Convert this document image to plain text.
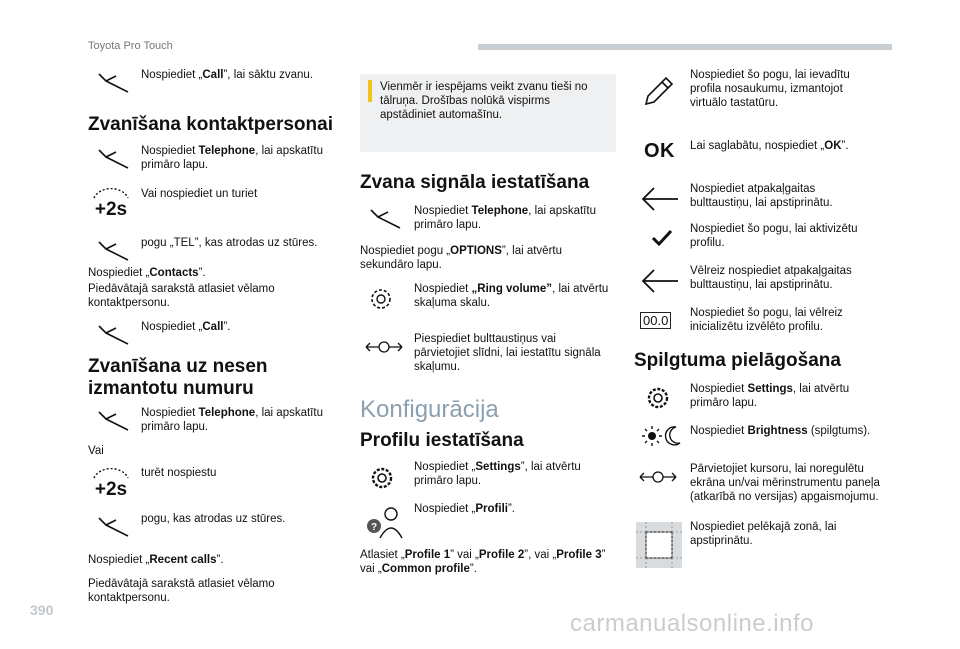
Toyota Pro Touch
Nospiediet „Call”, lai sāktu zvanu.
Zvanīšana kontaktpersonai
Nospiediet Telephone, lai apskatītu primāro lapu.
+2s
Vai nospiediet un turiet
pogu „TEL”, kas atrodas uz stūres.
Nospiediet „Contacts”.
Piedāvātajā sarakstā atlasiet vēlamo kontaktpersonu.
Nospiediet „Call”.
Zvanīšana uz nesen izmantotu numuru
Nospiediet Telephone, lai apskatītu primāro lapu.
Vai
+2s
turēt nospiestu
pogu, kas atrodas uz stūres.
Nospiediet „Recent calls”.
Piedāvātajā sarakstā atlasiet vēlamo kontaktpersonu.
Vienmēr ir iespējams veikt zvanu tieši no tālruņa. Drošības nolūkā vispirms apstādiniet automašīnu.
Zvana signāla iestatīšana
Nospiediet Telephone, lai apskatītu primāro lapu.
Nospiediet pogu „OPTIONS”, lai atvērtu sekundāro lapu.
Nospiediet „Ring volume”, lai atvērtu skaļuma skalu.
Piespiediet bulttaustiņus vai pārvietojiet slīdni, lai iestatītu signāla skaļumu.
Konfigurācija
Profilu iestatīšana
Nospiediet „Settings”, lai atvērtu primāro lapu.
?
Nospiediet „Profili”.
Atlasiet „Profile 1” vai „Profile 2”, vai „Profile 3” vai „Common profile”.
Nospiediet šo pogu, lai ievadītu profila nosaukumu, izmantojot virtuālo tastatūru.
OK Lai saglabātu, nospiediet „OK”.
Nospiediet atpakaļgaitas bulttaustiņu, lai apstiprinātu.
Nospiediet šo pogu, lai aktivizētu profilu.
Vēlreiz nospiediet atpakaļgaitas bulttaustiņu, lai apstiprinātu.
00.0 Nospiediet šo pogu, lai vēlreiz inicializētu izvēlēto profilu.
Spilgtuma pielāgošana
Nospiediet Settings, lai atvērtu primāro lapu.
Nospiediet Brightness (spilgtums).
Pārvietojiet kursoru, lai noregulētu ekrāna un/vai mērinstrumentu paneļa (atkarībā no versijas) apgaismojumu.
Nospiediet pelēkajā zonā, lai apstiprinātu.
390	carmanualsonline.info
